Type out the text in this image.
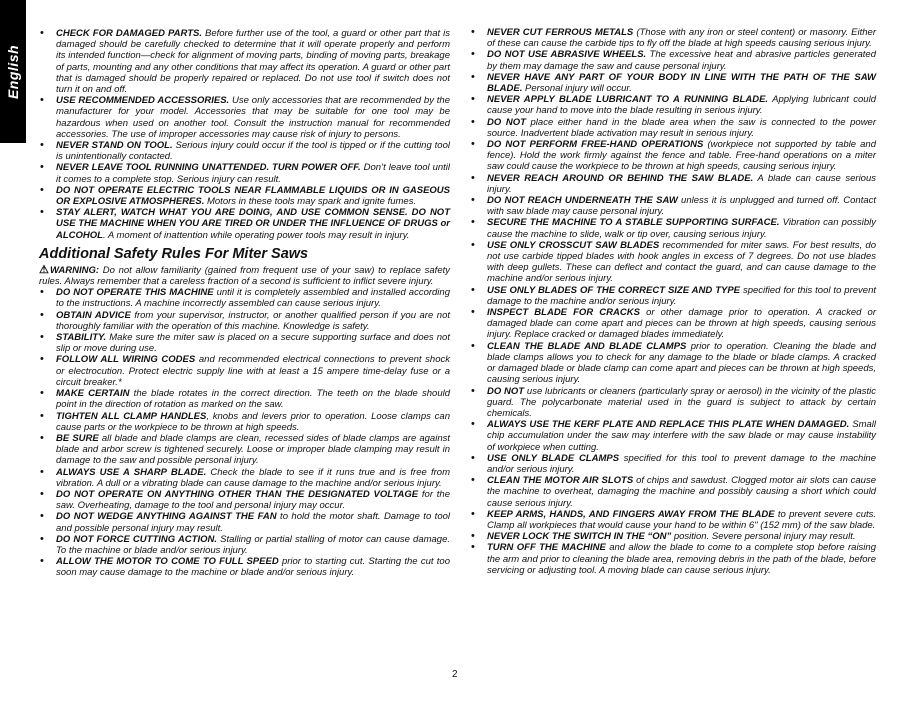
English
• CHECK FOR DAMAGED PARTS. Before further use of the tool, a guard or other part that is damaged should be carefully checked to determine that it will operate properly and perform its intended function—check for alignment of moving parts, binding of moving parts, breakage of parts, mounting and any other conditions that may affect its operation. A guard or other part that is damaged should be properly repaired or replaced. Do not use tool if switch does not turn it on and off.
• USE RECOMMENDED ACCESSORIES. Use only accessories that are recommended by the manufacturer for your model. Accessories that may be suitable for one tool may be hazardous when used on another tool. Consult the instruction manual for recommended accessories. The use of improper accessories may cause risk of injury to persons.
• NEVER STAND ON TOOL. Serious injury could occur if the tool is tipped or if the cutting tool is unintentionally contacted.
• NEVER LEAVE TOOL RUNNING UNATTENDED. TURN POWER OFF. Don’t leave tool until it comes to a complete stop. Serious injury can result.
• DO NOT OPERATE ELECTRIC TOOLS NEAR FLAMMABLE LIQUIDS OR IN GASEOUS OR EXPLOSIVE ATMOSPHERES. Motors in these tools may spark and ignite fumes.
• STAY ALERT, WATCH WHAT YOU ARE DOING, AND USE COMMON SENSE. DO NOT USE THE MACHINE WHEN YOU ARE TIRED OR UNDER THE INFLUENCE OF DRUGS or ALCOHOL. A moment of inattention while operating power tools may result in injury.
Additional Safety Rules For Miter Saws
⚠WARNING: Do not allow familiarity (gained from frequent use of your saw) to replace safety rules. Always remember that a careless fraction of a second is sufficient to inflict severe injury.
• DO NOT OPERATE THIS MACHINE until it is completely assembled and installed according to the instructions. A machine incorrectly assembled can cause serious injury.
• OBTAIN ADVICE from your supervisor, instructor, or another qualified person if you are not thoroughly familiar with the operation of this machine. Knowledge is safety.
• STABILITY. Make sure the miter saw is placed on a secure supporting surface and does not slip or move during use.
• FOLLOW ALL WIRING CODES and recommended electrical connections to prevent shock or electrocution. Protect electric supply line with at least a 15 ampere time-delay fuse or a circuit breaker.*
• MAKE CERTAIN the blade rotates in the correct direction. The teeth on the blade should point in the direction of rotation as marked on the saw.
• TIGHTEN ALL CLAMP HANDLES, knobs and levers prior to operation. Loose clamps can cause parts or the workpiece to be thrown at high speeds.
• BE SURE all blade and blade clamps are clean, recessed sides of blade clamps are against blade and arbor screw is tightened securely. Loose or improper blade clamping may result in damage to the saw and possible personal injury.
• ALWAYS USE A SHARP BLADE. Check the blade to see if it runs true and is free from vibration. A dull or a vibrating blade can cause damage to the machine and/or serious injury.
• DO NOT OPERATE ON ANYTHING OTHER THAN THE DESIGNATED VOLTAGE for the saw. Overheating, damage to the tool and personal injury may occur.
• DO NOT WEDGE ANYTHING AGAINST THE FAN to hold the motor shaft. Damage to tool and possible personal injury may result.
• DO NOT FORCE CUTTING ACTION. Stalling or partial stalling of motor can cause damage. To the machine or blade and/or serious injury.
• ALLOW THE MOTOR TO COME TO FULL SPEED prior to starting cut. Starting the cut too soon may cause damage to the machine or blade and/or serious injury.
• NEVER CUT FERROUS METALS (Those with any iron or steel content) or masonry. Either of these can cause the carbide tips to fly off the blade at high speeds causing serious injury.
• DO NOT USE ABRASIVE WHEELS. The excessive heat and abrasive particles generated by them may damage the saw and cause personal injury.
• NEVER HAVE ANY PART OF YOUR BODY IN LINE WITH THE PATH OF THE SAW BLADE. Personal injury will occur.
• NEVER APPLY BLADE LUBRICANT TO A RUNNING BLADE. Applying lubricant could cause your hand to move into the blade resulting in serious injury.
• DO NOT place either hand in the blade area when the saw is connected to the power source. Inadvertent blade activation may result in serious injury.
• DO NOT PERFORM FREE-HAND OPERATIONS (workpiece not supported by table and fence). Hold the work firmly against the fence and table. Free-hand operations on a miter saw could cause the workpiece to be thrown at high speeds, causing serious injury.
• NEVER REACH AROUND OR BEHIND THE SAW BLADE. A blade can cause serious injury.
• DO NOT REACH UNDERNEATH THE SAW unless it is unplugged and turned off. Contact with saw blade may cause personal injury.
• SECURE THE MACHINE TO A STABLE SUPPORTING SURFACE. Vibration can possibly cause the machine to slide, walk or tip over, causing serious injury.
• USE ONLY CROSSCUT SAW BLADES recommended for miter saws. For best results, do not use carbide tipped blades with hook angles in excess of 7 degrees. Do not use blades with deep gullets. These can deflect and contact the guard, and can cause damage to the machine and/or serious injury.
• USE ONLY BLADES OF THE CORRECT SIZE AND TYPE specified for this tool to prevent damage to the machine and/or serious injury.
• INSPECT BLADE FOR CRACKS or other damage prior to operation. A cracked or damaged blade can come apart and pieces can be thrown at high speeds, causing serious injury. Replace cracked or damaged blades immediately.
• CLEAN THE BLADE AND BLADE CLAMPS prior to operation. Cleaning the blade and blade clamps allows you to check for any damage to the blade or blade clamps. A cracked or damaged blade or blade clamp can come apart and pieces can be thrown at high speeds, causing serious injury.
• DO NOT use lubricants or cleaners (particularly spray or aerosol) in the vicinity of the plastic guard. The polycarbonate material used in the guard is subject to attack by certain chemicals.
• ALWAYS USE THE KERF PLATE AND REPLACE THIS PLATE WHEN DAMAGED. Small chip accumulation under the saw may interfere with the saw blade or may cause instability of workpiece when cutting.
• USE ONLY BLADE CLAMPS specified for this tool to prevent damage to the machine and/or serious injury.
• CLEAN THE MOTOR AIR SLOTS of chips and sawdust. Clogged motor air slots can cause the machine to overheat, damaging the machine and possibly causing a short which could cause serious injury.
• KEEP ARMS, HANDS, AND FINGERS AWAY FROM THE BLADE to prevent severe cuts. Clamp all workpieces that would cause your hand to be within 6" (152 mm) of the saw blade.
• NEVER LOCK THE SWITCH IN THE “ON” position. Severe personal injury may result.
• TURN OFF THE MACHINE and allow the blade to come to a complete stop before raising the arm and prior to cleaning the blade area, removing debris in the path of the blade, before servicing or adjusting tool. A moving blade can cause serious injury.
2
